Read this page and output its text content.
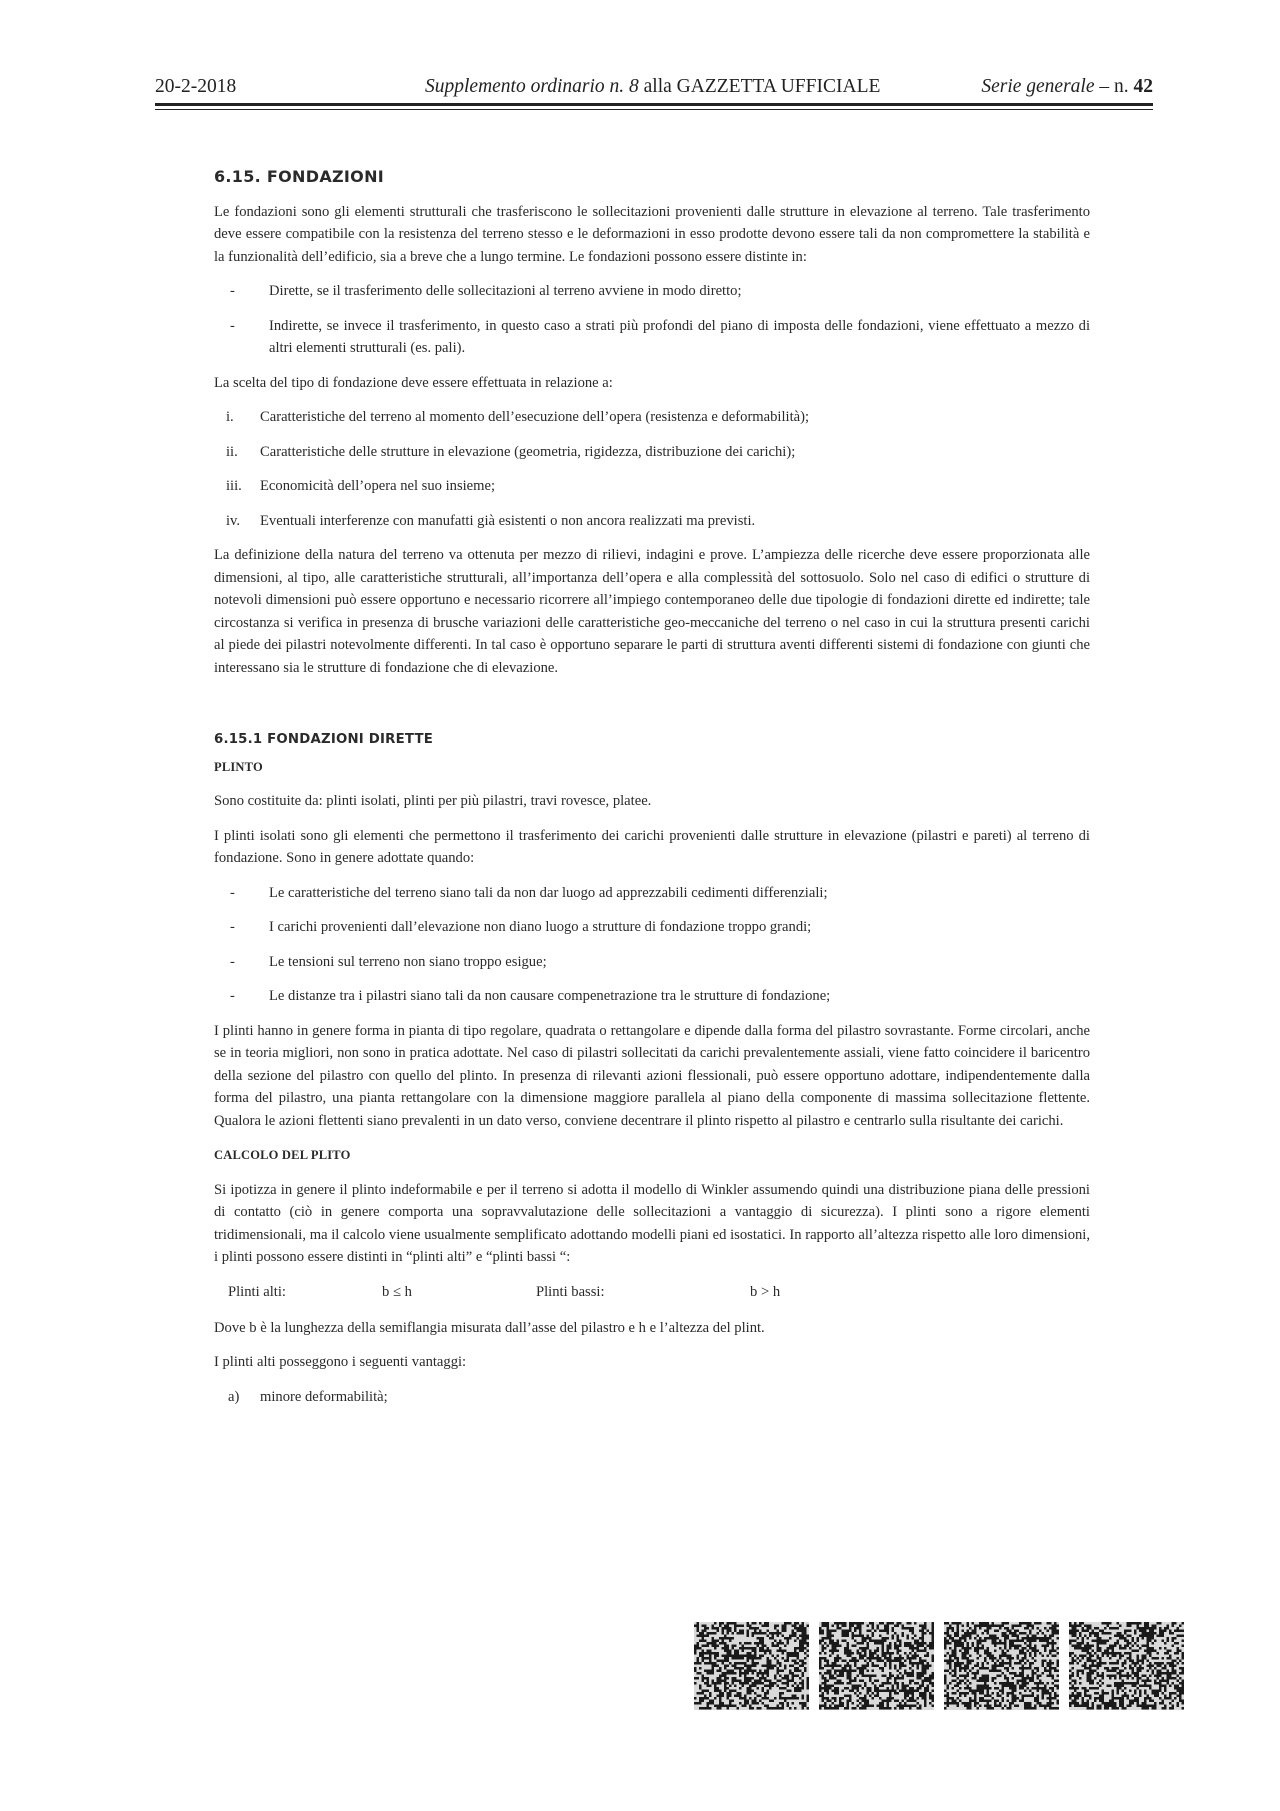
20-2-2018	Supplemento ordinario n. 8 alla GAZZETTA UFFICIALE	Serie generale – n. 42
6.15. FONDAZIONI

Le fondazioni sono gli elementi strutturali che trasferiscono le sollecitazioni provenienti dalle strutture in elevazione al terreno. Tale trasferimento deve essere compatibile con la resistenza del terreno stesso e le deformazioni in esso prodotte devono essere tali da non compromettere la stabilità e la funzionalità dell’edificio, sia a breve che a lungo termine. Le fondazioni possono essere distinte in:

- Dirette, se il trasferimento delle sollecitazioni al terreno avviene in modo diretto;
- Indirette, se invece il trasferimento, in questo caso a strati più profondi del piano di imposta delle fondazioni, viene effettuato a mezzo di altri elementi strutturali (es. pali).

La scelta del tipo di fondazione deve essere effettuata in relazione a:

i. Caratteristiche del terreno al momento dell’esecuzione dell’opera (resistenza e deformabilità);
ii. Caratteristiche delle strutture in elevazione (geometria, rigidezza, distribuzione dei carichi);
iii. Economicità dell’opera nel suo insieme;
iv. Eventuali interferenze con manufatti già esistenti o non ancora realizzati ma previsti.

La definizione della natura del terreno va ottenuta per mezzo di rilievi, indagini e prove. L’ampiezza delle ricerche deve essere proporzionata alle dimensioni, al tipo, alle caratteristiche strutturali, all’importanza dell’opera e alla complessità del sottosuolo. Solo nel caso di edifici o strutture di notevoli dimensioni può essere opportuno e necessario ricorrere all’impiego contemporaneo delle due tipologie di fondazioni dirette ed indirette; tale circostanza si verifica in presenza di brusche variazioni delle caratteristiche geo-meccaniche del terreno o nel caso in cui la struttura presenti carichi al piede dei pilastri notevolmente differenti. In tal caso è opportuno separare le parti di struttura aventi differenti sistemi di fondazione con giunti che interessano sia le strutture di fondazione che di elevazione.

6.15.1 FONDAZIONI DIRETTE
PLINTO

Sono costituite da: plinti isolati, plinti per più pilastri, travi rovesce, platee.

I plinti isolati sono gli elementi che permettono il trasferimento dei carichi provenienti dalle strutture in elevazione (pilastri e pareti) al terreno di fondazione. Sono in genere adottate quando:

- Le caratteristiche del terreno siano tali da non dar luogo ad apprezzabili cedimenti differenziali;
- I carichi provenienti dall’elevazione non diano luogo a strutture di fondazione troppo grandi;
- Le tensioni sul terreno non siano troppo esigue;
- Le distanze tra i pilastri siano tali da non causare compenetrazione tra le strutture di fondazione;

I plinti hanno in genere forma in pianta di tipo regolare, quadrata o rettangolare e dipende dalla forma del pilastro sovrastante. Forme circolari, anche se in teoria migliori, non sono in pratica adottate. Nel caso di pilastri sollecitati da carichi prevalentemente assiali, viene fatto coincidere il baricentro della sezione del pilastro con quello del plinto. In presenza di rilevanti azioni flessionali, può essere opportuno adottare, indipendentemente dalla forma del pilastro, una pianta rettangolare con la dimensione maggiore parallela al piano della componente di massima sollecitazione flettente. Qualora le azioni flettenti siano prevalenti in un dato verso, conviene decentrare il plinto rispetto al pilastro e centrarlo sulla risultante dei carichi.

CALCOLO DEL PLITO

Si ipotizza in genere il plinto indeformabile e per il terreno si adotta il modello di Winkler assumendo quindi una distribuzione piana delle pressioni di contatto (ciò in genere comporta una sopravvalutazione delle sollecitazioni a vantaggio di sicurezza). I plinti sono a rigore elementi tridimensionali, ma il calcolo viene usualmente semplificato adottando modelli piani ed isostatici. In rapporto all’altezza rispetto alle loro dimensioni, i plinti possono essere distinti in “plinti alti” e “plinti bassi “:

Plinti alti:	b ≤ h	Plinti bassi:	b > h

Dove b è la lunghezza della semiflangia misurata dall’asse del pilastro e h e l’altezza del plint.

I plinti alti posseggono i seguenti vantaggi:

a) minore deformabilità;
